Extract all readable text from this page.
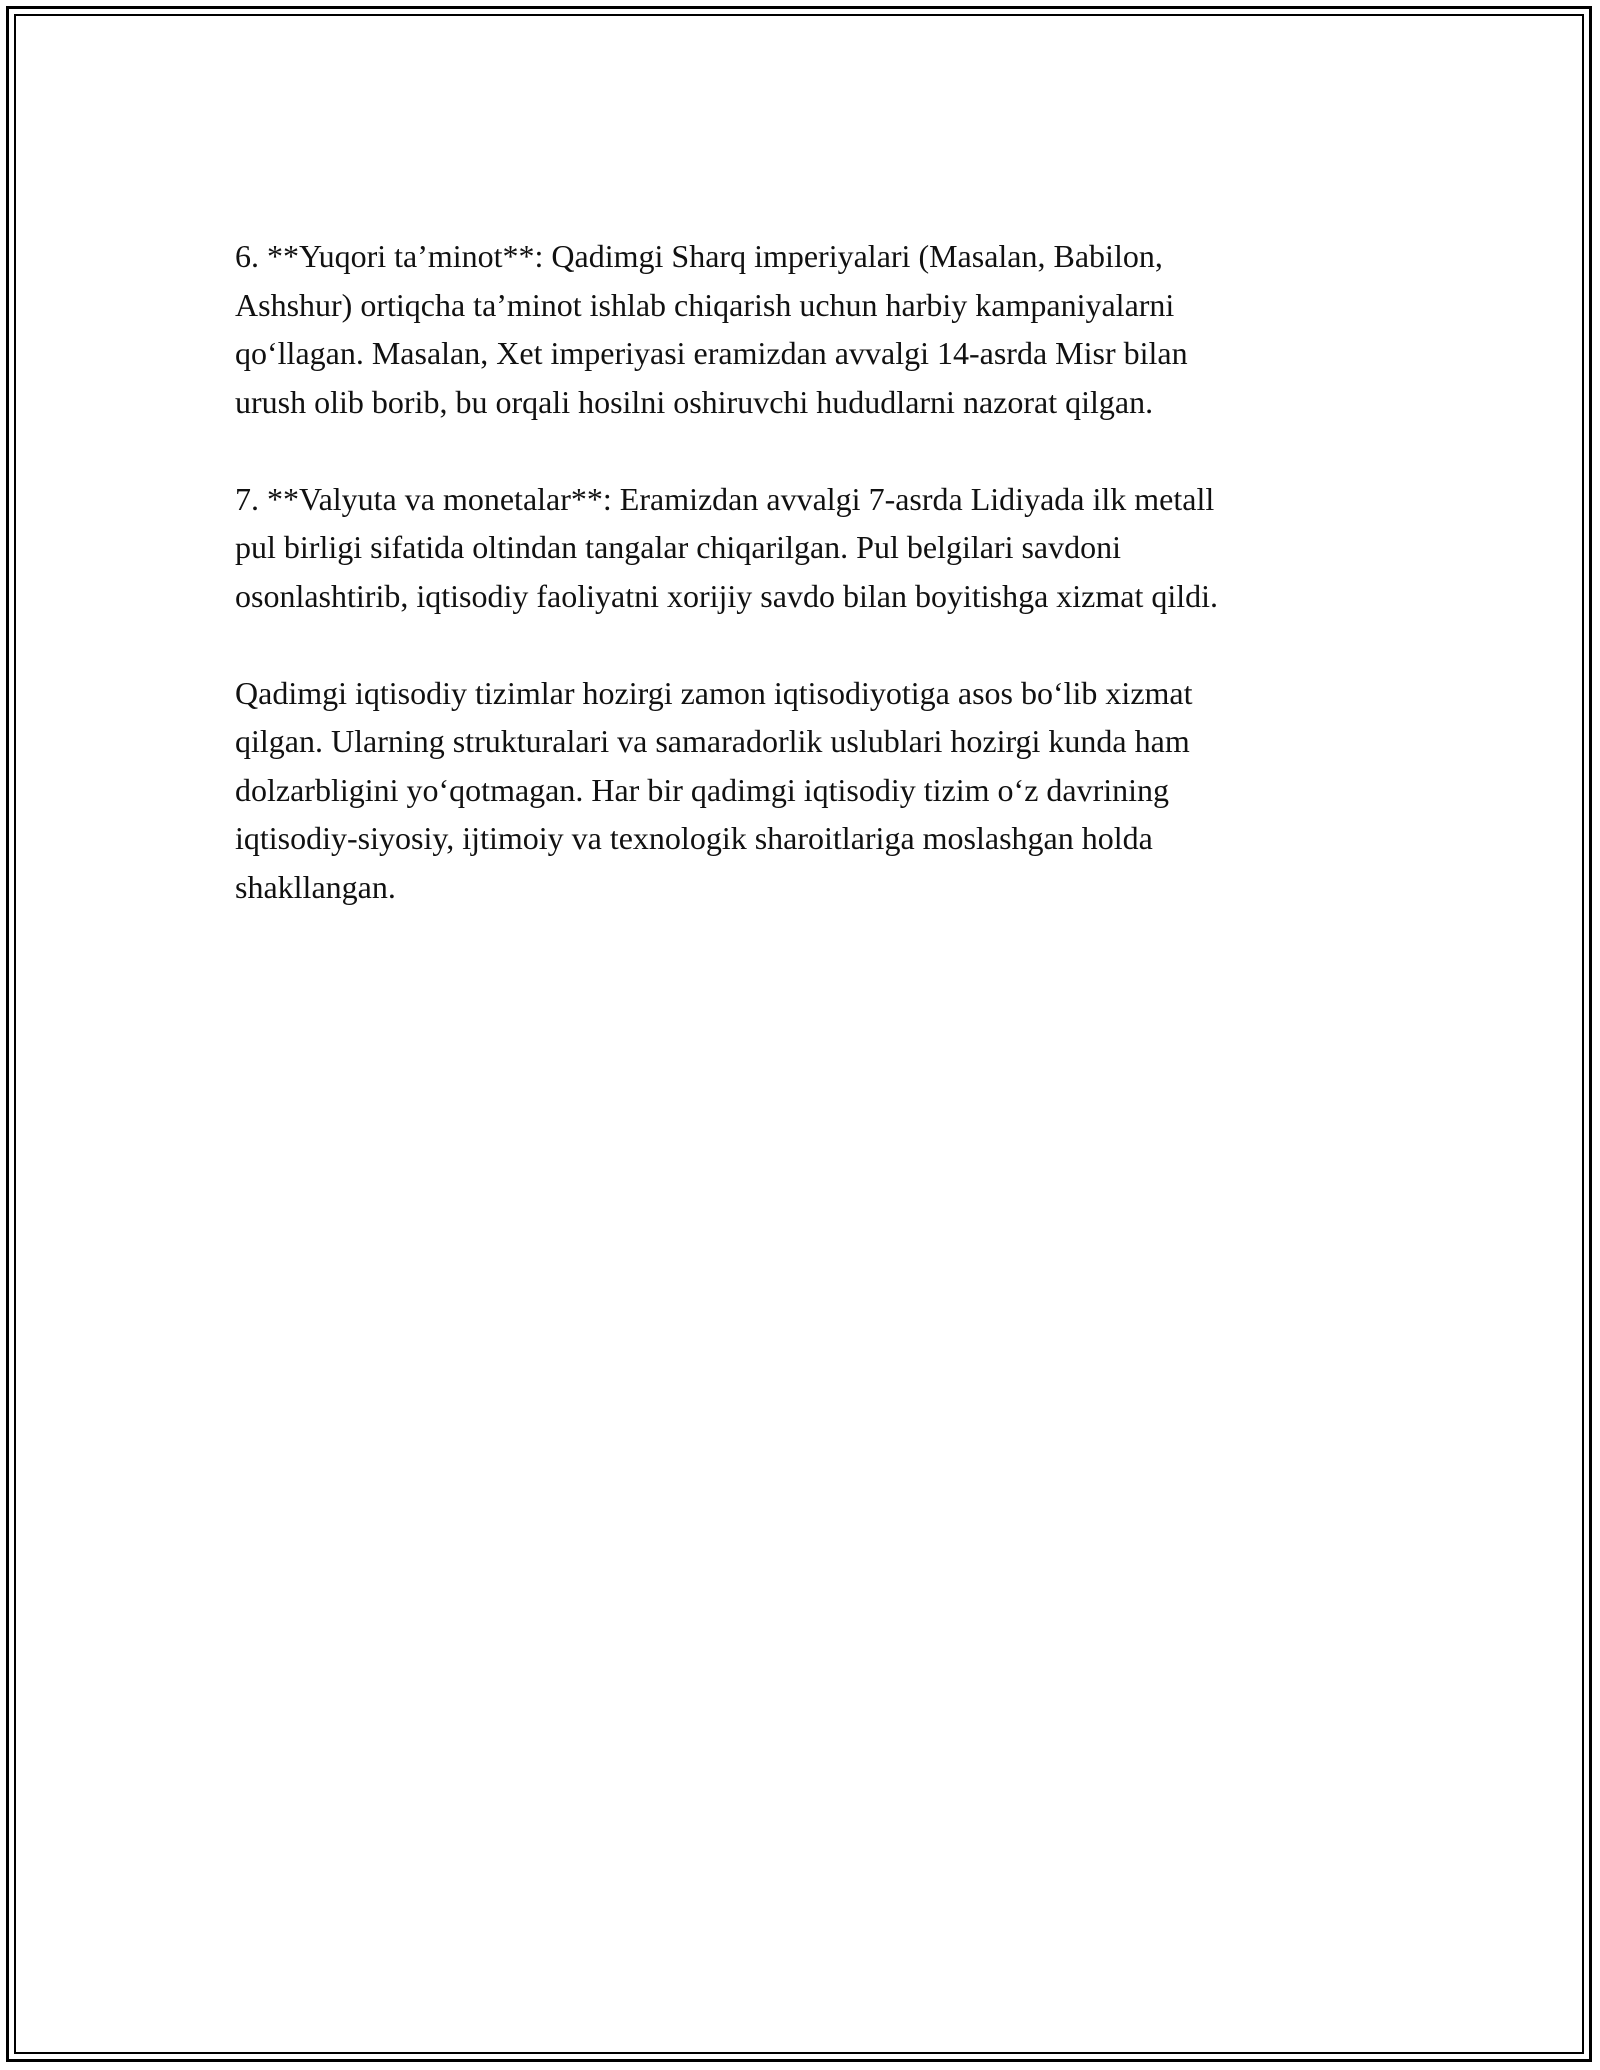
6. **Yuqori ta’minot**: Qadimgi Sharq imperiyalari (Masalan, Babilon,
Ashshur) ortiqcha ta’minot ishlab chiqarish uchun harbiy kampaniyalarni
qo‘llagan. Masalan, Xet imperiyasi eramizdan avvalgi 14-asrda Misr bilan
urush olib borib, bu orqali hosilni oshiruvchi hududlarni nazorat qilgan.

7. **Valyuta va monetalar**: Eramizdan avvalgi 7-asrda Lidiyada ilk metall
pul birligi sifatida oltindan tangalar chiqarilgan. Pul belgilari savdoni
osonlashtirib, iqtisodiy faoliyatni xorijiy savdo bilan boyitishga xizmat qildi.

Qadimgi iqtisodiy tizimlar hozirgi zamon iqtisodiyotiga asos bo‘lib xizmat
qilgan. Ularning strukturalari va samaradorlik uslublari hozirgi kunda ham
dolzarbligini yo‘qotmagan. Har bir qadimgi iqtisodiy tizim o‘z davrining
iqtisodiy-siyosiy, ijtimoiy va texnologik sharoitlariga moslashgan holda
shakllangan.
